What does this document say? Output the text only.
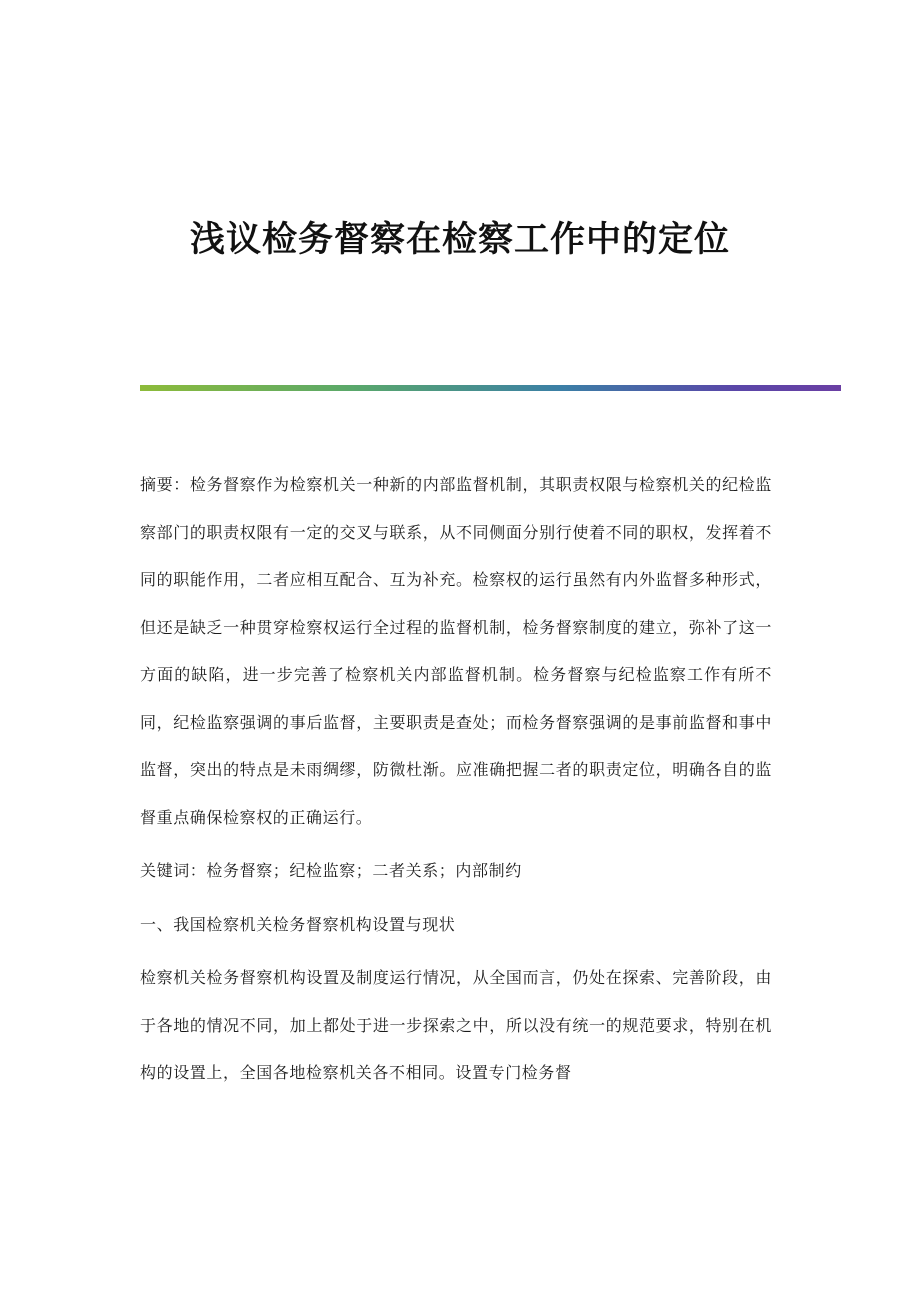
浅议检务督察在检察工作中的定位

摘要：检务督察作为检察机关一种新的内部监督机制，其职责权限与检察机关的纪检监察部门的职责权限有一定的交叉与联系，从不同侧面分别行使着不同的职权，发挥着不同的职能作用，二者应相互配合、互为补充。检察权的运行虽然有内外监督多种形式，但还是缺乏一种贯穿检察权运行全过程的监督机制，检务督察制度的建立，弥补了这一方面的缺陷，进一步完善了检察机关内部监督机制。检务督察与纪检监察工作有所不同，纪检监察强调的事后监督，主要职责是查处；而检务督察强调的是事前监督和事中监督，突出的特点是未雨绸缪，防微杜渐。应准确把握二者的职责定位，明确各自的监督重点确保检察权的正确运行。

关键词：检务督察；纪检监察；二者关系；内部制约

一、我国检察机关检务督察机构设置与现状

检察机关检务督察机构设置及制度运行情况，从全国而言，仍处在探索、完善阶段，由于各地的情况不同，加上都处于进一步探索之中，所以没有统一的规范要求，特别在机构的设置上，全国各地检察机关各不相同。设置专门检务督
